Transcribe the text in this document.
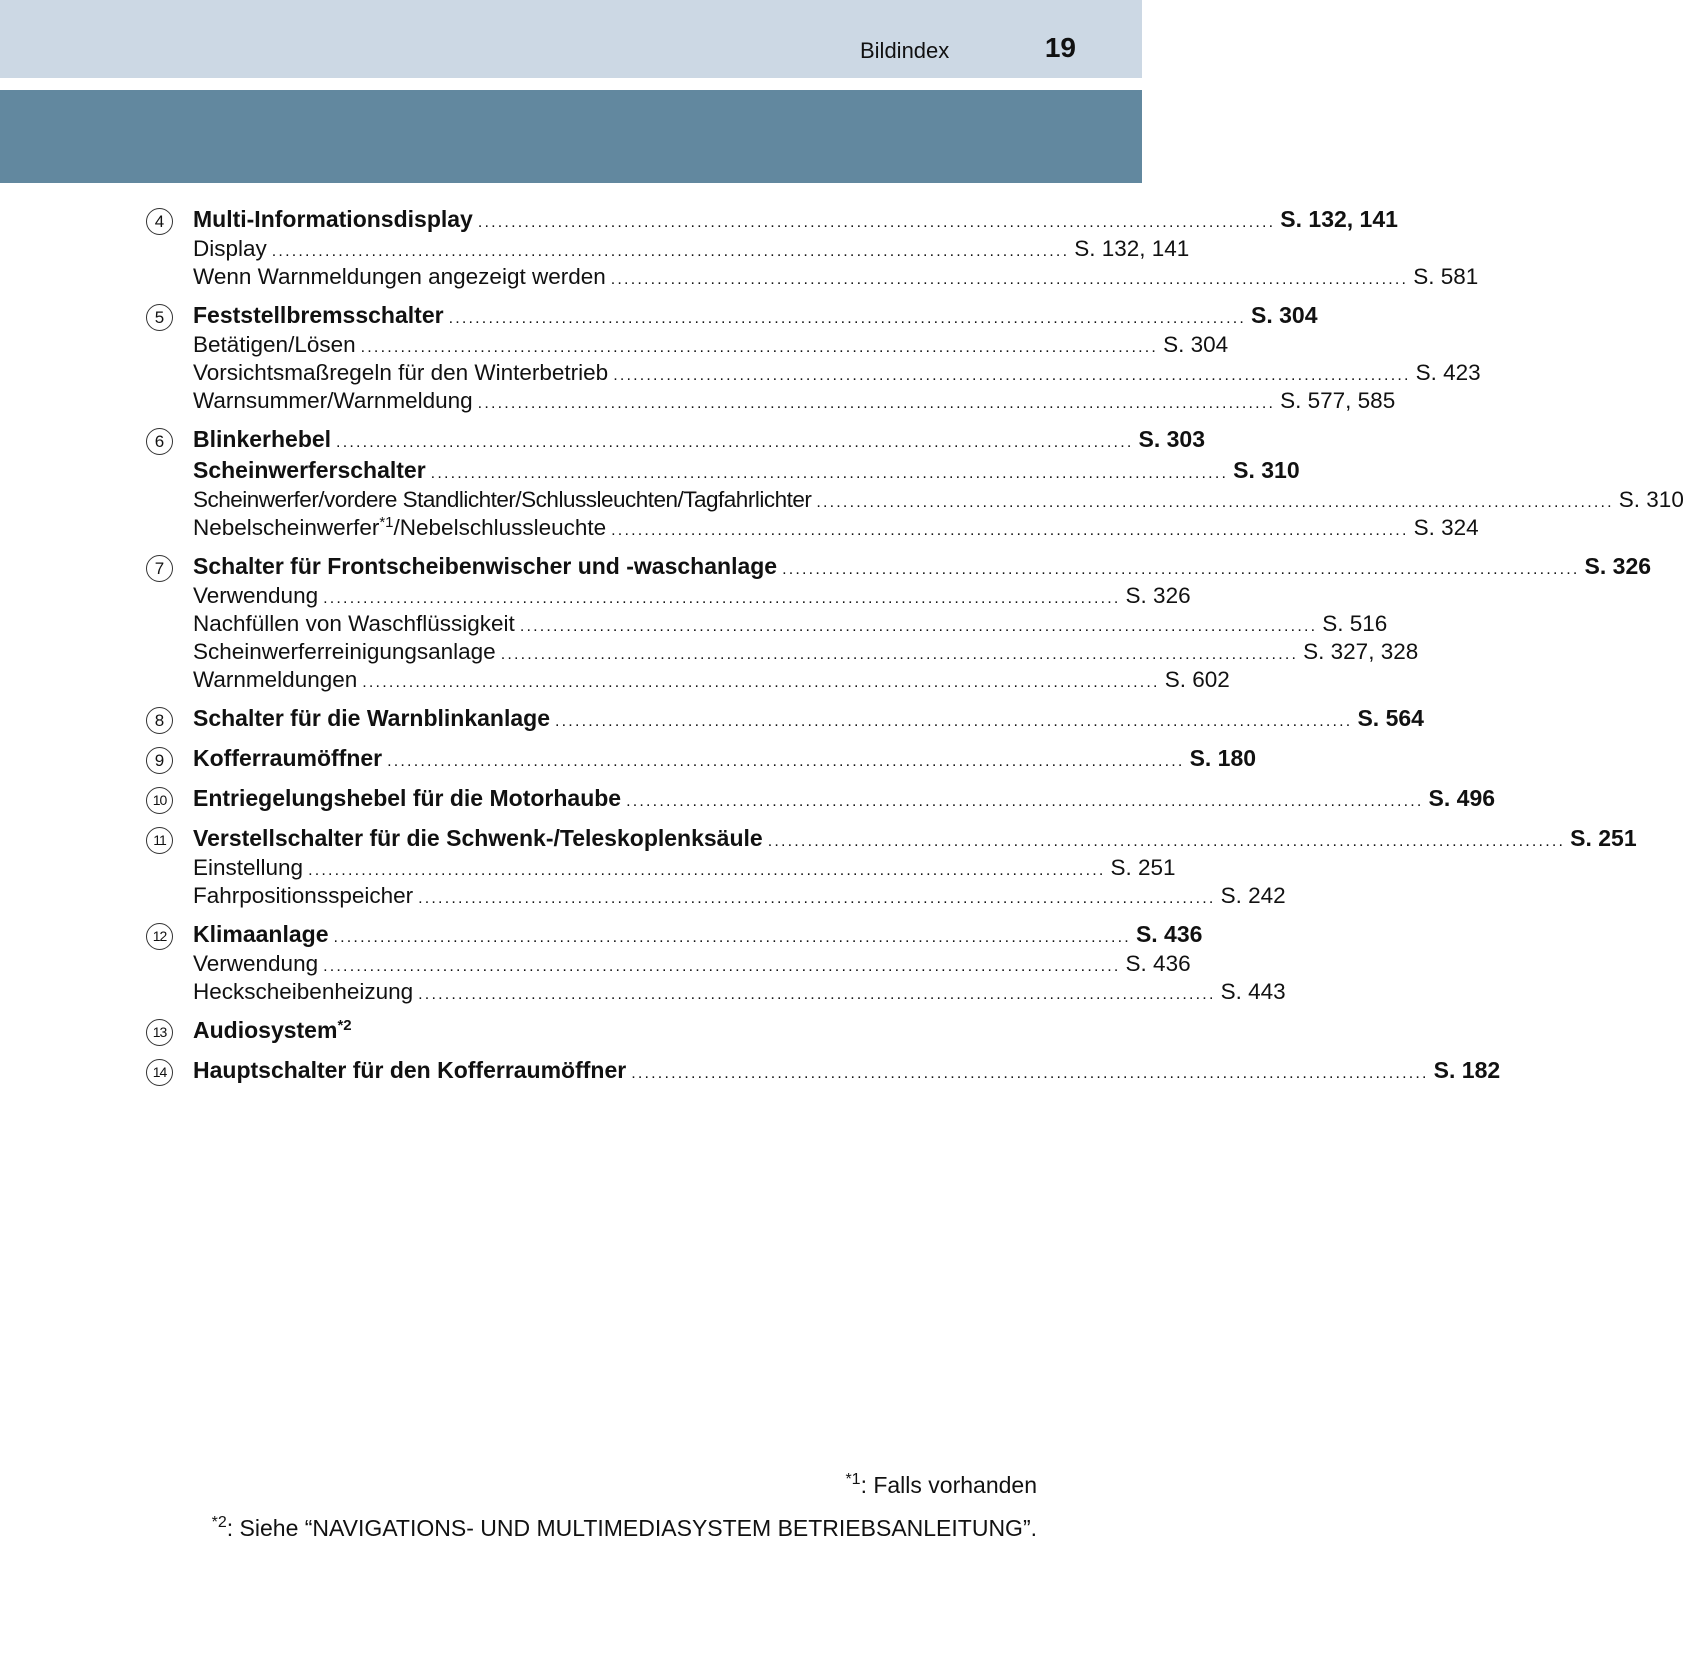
Bildindex	19
4	Multi-Informationsdisplay ........................................................................................................................ S. 132, 141
Display ........................................................................................................................ S. 132, 141
Wenn Warnmeldungen angezeigt werden ........................................................................................................................ S. 581
5	Feststellbremsschalter ........................................................................................................................ S. 304
Betätigen/Lösen ........................................................................................................................ S. 304
Vorsichtsmaßregeln für den Winterbetrieb ........................................................................................................................ S. 423
Warnsummer/Warnmeldung ........................................................................................................................ S. 577, 585
6	Blinkerhebel ........................................................................................................................ S. 303
Scheinwerferschalter ........................................................................................................................ S. 310
Scheinwerfer/vordere Standlichter/Schlussleuchten/Tagfahrlichter ........................................................................................................................ S. 310
Nebelscheinwerfer$^{*1}$/Nebelschlussleuchte ........................................................................................................................ S. 324
7	Schalter für Frontscheibenwischer und -waschanlage ........................................................................................................................ S. 326
Verwendung ........................................................................................................................ S. 326
Nachfüllen von Waschflüssigkeit ........................................................................................................................ S. 516
Scheinwerferreinigungsanlage ........................................................................................................................ S. 327, 328
Warnmeldungen ........................................................................................................................ S. 602
8	Schalter für die Warnblinkanlage ........................................................................................................................ S. 564
9	Kofferraumöffner ........................................................................................................................ S. 180
10 Entriegelungshebel für die Motorhaube ........................................................................................................................ S. 496
11	Verstellschalter für die Schwenk-/Teleskoplenksäule ........................................................................................................................ S. 251
Einstellung ........................................................................................................................ S. 251
Fahrpositionsspeicher ........................................................................................................................ S. 242
12 Klimaanlage ........................................................................................................................ S. 436
Verwendung ........................................................................................................................ S. 436
Heckscheibenheizung ........................................................................................................................ S. 443
13 Audiosystem$^{*2}$
14 Hauptschalter für den Kofferraumöffner ........................................................................................................................ S. 182
$^{*1}$: Falls vorhanden
$^{*2}$: Siehe “NAVIGATIONS- UND MULTIMEDIASYSTEM BETRIEBSANLEITUNG”.
